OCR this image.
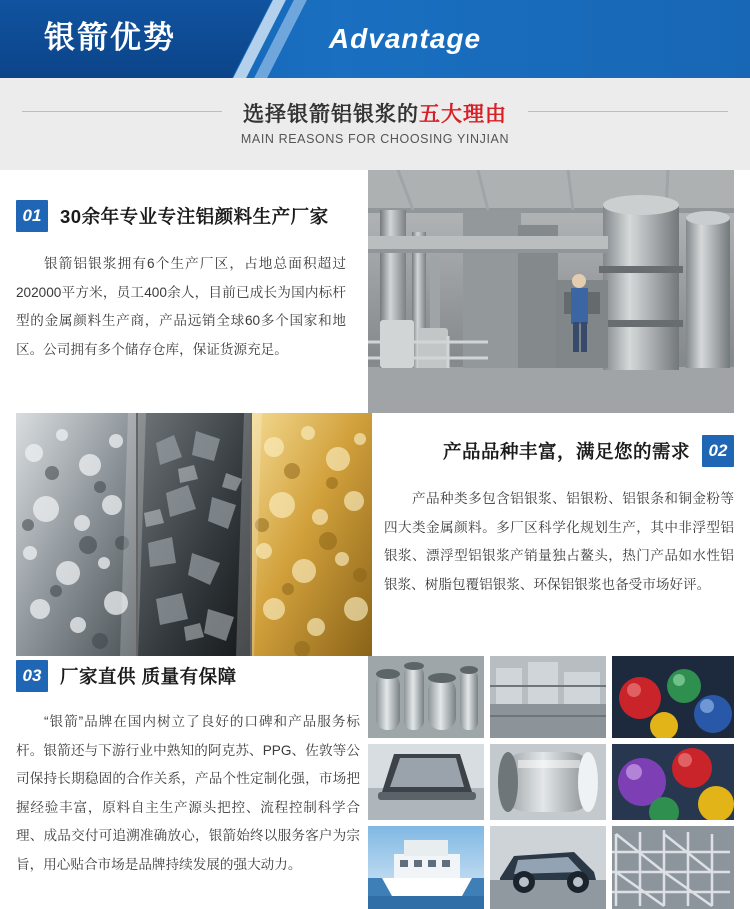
Advantage
银箭优势
选择银箭铝银浆的五大理由
MAIN REASONS FOR CHOOSING YINJIAN
01 30余年专业专注铝颜料生产厂家
银箭铝银浆拥有6个生产厂区，占地总面积超过202000平方米，员工400余人，目前已成长为国内标杆型的金属颜料生产商，产品远销全球60多个国家和地区。公司拥有多个储存仓库，保证货源充足。
产品品种丰富，满足您的需求 02
产品种类多包含铝银浆、铝银粉、铝银条和铜金粉等四大类金属颜料。多厂区科学化规划生产，其中非浮型铝银浆、漂浮型铝银浆产销量独占鳌头，热门产品如水性铝银浆、树脂包覆铝银浆、环保铝银浆也备受市场好评。
03 厂家直供 质量有保障
“银箭”品牌在国内树立了良好的口碑和产品服务标杆。银箭还与下游行业中熟知的阿克苏、PPG、佐敦等公司保持长期稳固的合作关系，产品个性定制化强，市场把握经验丰富，原料自主生产源头把控、流程控制科学合理、成品交付可追溯准确放心，银箭始终以服务客户为宗旨，用心贴合市场是品牌持续发展的强大动力。
